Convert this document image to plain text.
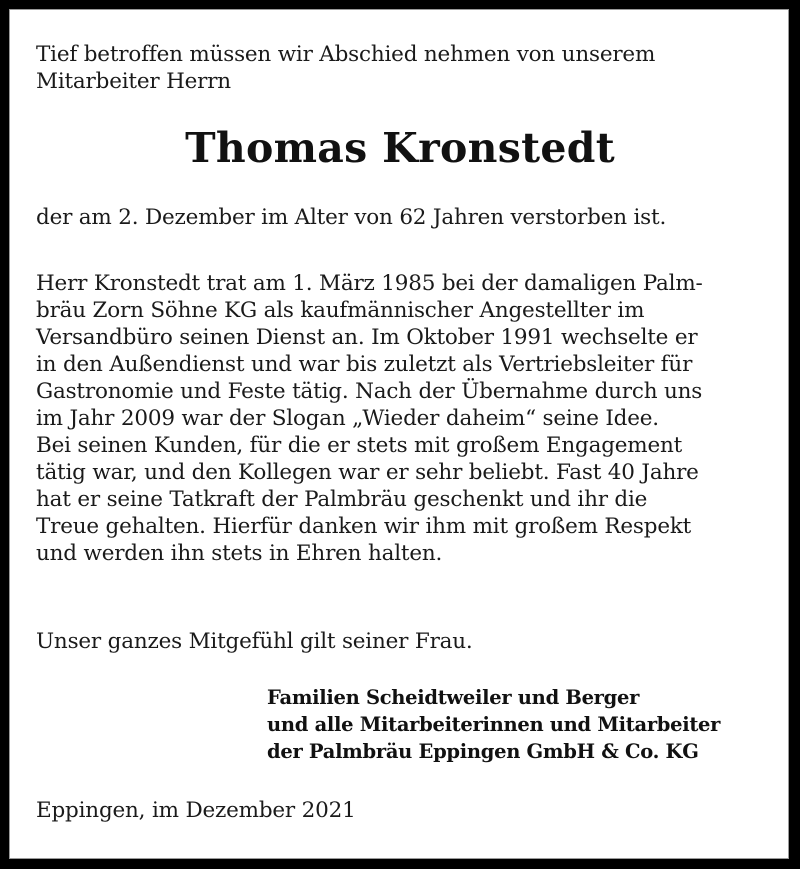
Tief betroffen müssen wir Abschied nehmen von unserem
Mitarbeiter Herrn
Thomas Kronstedt
der am 2. Dezember im Alter von 62 Jahren verstorben ist.
Herr Kronstedt trat am 1. März 1985 bei der damaligen Palm-
bräu Zorn Söhne KG als kaufmännischer Angestellter im
Versandbüro seinen Dienst an. Im Oktober 1991 wechselte er
in den Außendienst und war bis zuletzt als Vertriebsleiter für
Gastronomie und Feste tätig. Nach der Übernahme durch uns
im Jahr 2009 war der Slogan „Wieder daheim“ seine Idee.
Bei seinen Kunden, für die er stets mit großem Engagement
tätig war, und den Kollegen war er sehr beliebt. Fast 40 Jahre
hat er seine Tatkraft der Palmbräu geschenkt und ihr die
Treue gehalten. Hierfür danken wir ihm mit großem Respekt
und werden ihn stets in Ehren halten.
Unser ganzes Mitgefühl gilt seiner Frau.
Familien Scheidtweiler und Berger
und alle Mitarbeiterinnen und Mitarbeiter
der Palmbräu Eppingen GmbH & Co. KG
Eppingen, im Dezember 2021
